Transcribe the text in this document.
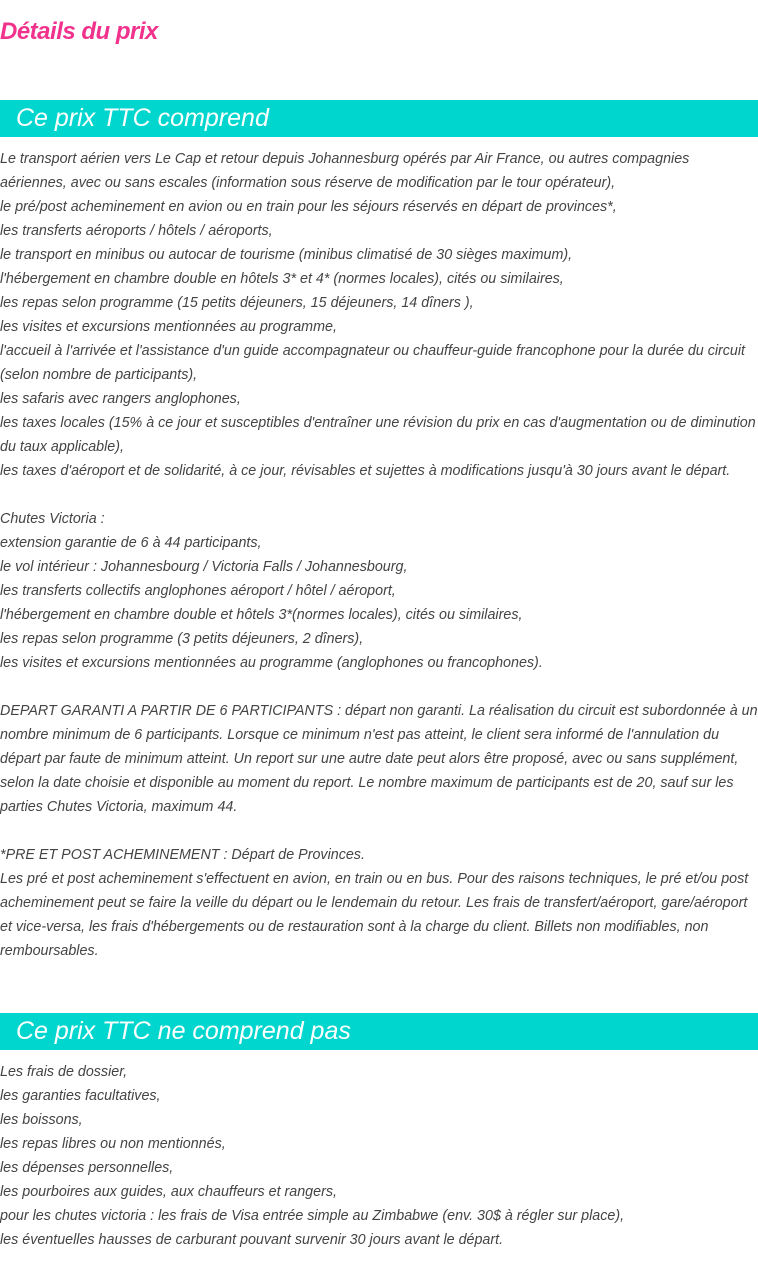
Détails du prix
Ce prix TTC comprend

Le transport aérien vers Le Cap et retour depuis Johannesburg opérés par Air France, ou autres compagnies aériennes, avec ou sans escales (information sous réserve de modification par le tour opérateur),

le pré/post acheminement en avion ou en train pour les séjours réservés en départ de provinces*,

les transferts aéroports / hôtels / aéroports,

le transport en minibus ou autocar de tourisme (minibus climatisé de 30 sièges maximum),

l'hébergement en chambre double en hôtels 3* et 4* (normes locales), cités ou similaires,

les repas selon programme (15 petits déjeuners, 15 déjeuners, 14 dîners ),

les visites et excursions mentionnées au programme,

l'accueil à l'arrivée et l'assistance d'un guide accompagnateur ou chauffeur-guide francophone pour la durée du circuit (selon nombre de participants),

les safaris avec rangers anglophones,

les taxes locales (15% à ce jour et susceptibles d'entraîner une révision du prix en cas d'augmentation ou de diminution du taux applicable),

les taxes d'aéroport et de solidarité, à ce jour, révisables et sujettes à modifications jusqu'à 30 jours avant le départ.

Chutes Victoria :

extension garantie de 6 à 44 participants,

le vol intérieur : Johannesbourg / Victoria Falls / Johannesbourg,

les transferts collectifs anglophones aéroport / hôtel / aéroport,

l'hébergement en chambre double et hôtels 3*(normes locales), cités ou similaires,

les repas selon programme (3 petits déjeuners, 2 dîners),

les visites et excursions mentionnées au programme (anglophones ou francophones).

DEPART GARANTI A PARTIR DE 6 PARTICIPANTS : départ non garanti. La réalisation du circuit est subordonnée à un nombre minimum de 6 participants. Lorsque ce minimum n'est pas atteint, le client sera informé de l'annulation du départ par faute de minimum atteint. Un report sur une autre date peut alors être proposé, avec ou sans supplément, selon la date choisie et disponible au moment du report. Le nombre maximum de participants est de 20, sauf sur les parties Chutes Victoria, maximum 44.

*PRE ET POST ACHEMINEMENT : Départ de Provinces.

Les pré et post acheminement s'effectuent en avion, en train ou en bus. Pour des raisons techniques, le pré et/ou post acheminement peut se faire la veille du départ ou le lendemain du retour. Les frais de transfert/aéroport, gare/aéroport et vice-versa, les frais d'hébergements ou de restauration sont à la charge du client. Billets non modifiables, non remboursables.

Ce prix TTC ne comprend pas

Les frais de dossier,

les garanties facultatives,

les boissons,

les repas libres ou non mentionnés,

les dépenses personnelles,

les pourboires aux guides, aux chauffeurs et rangers,

pour les chutes victoria : les frais de Visa entrée simple au Zimbabwe (env. 30$ à régler sur place),

les éventuelles hausses de carburant pouvant survenir 30 jours avant le départ.
